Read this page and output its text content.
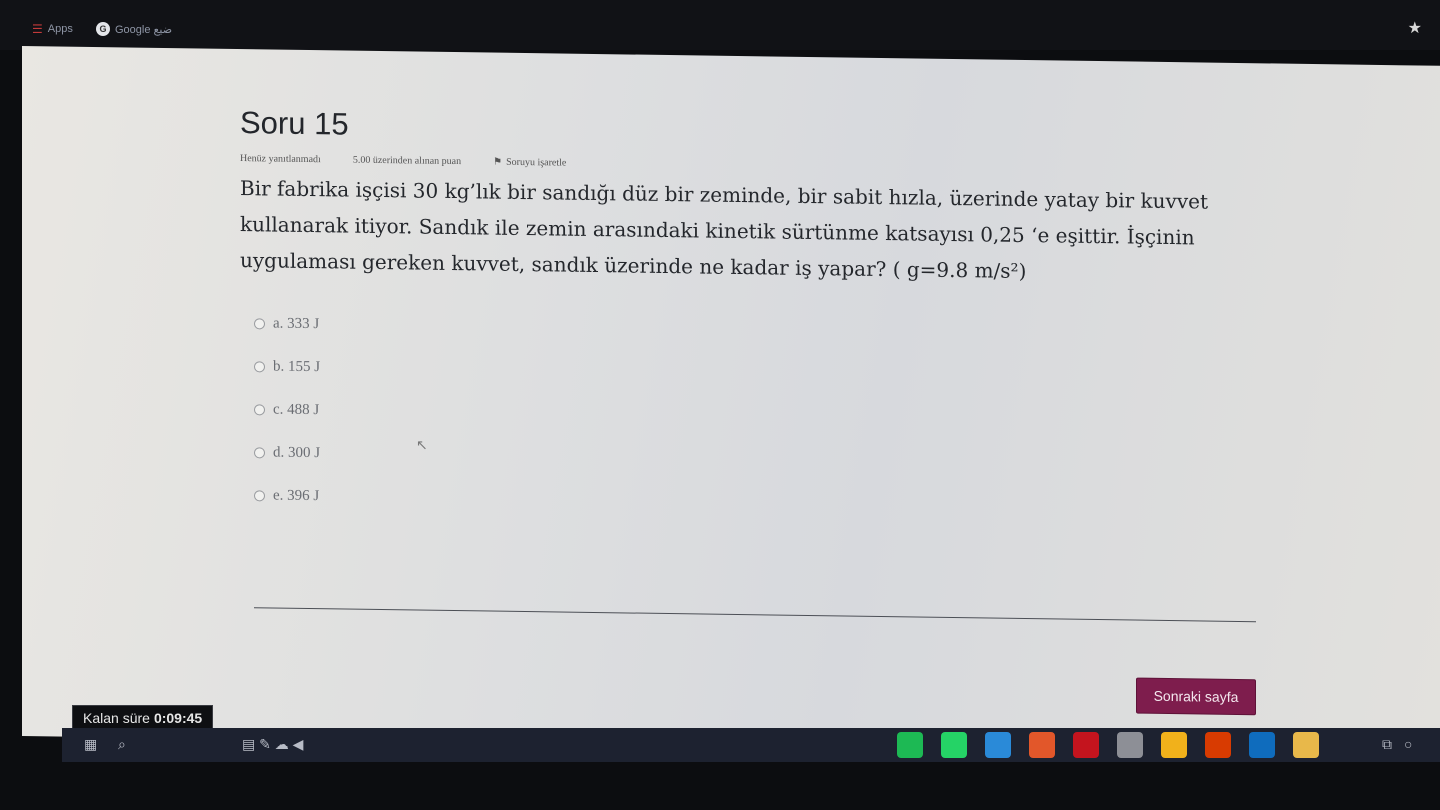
☰ Apps	G Google ضيع	★
Soru 15
Henüz yanıtlanmadı	5.00 üzerinden alınan puan	⚑ Soruyu işaretle
Bir fabrika işçisi 30 kg’lık bir sandığı düz bir zeminde, bir sabit hızla, üzerinde yatay bir kuvvet kullanarak itiyor. Sandık ile zemin arasındaki kinetik sürtünme katsayısı 0,25 ‘e eşittir. İşçinin uygulaması gereken kuvvet, sandık üzerinde ne kadar iş yapar? ( g=9.8 m/s²)
a. 333 J
b. 155 J
c. 488 J
d. 300 J
e. 396 J
↖
Sonraki sayfa
Kalan süre 0:09:45
▦ ⌕	▤ ✎ ☁ ◀	⧉ ○
